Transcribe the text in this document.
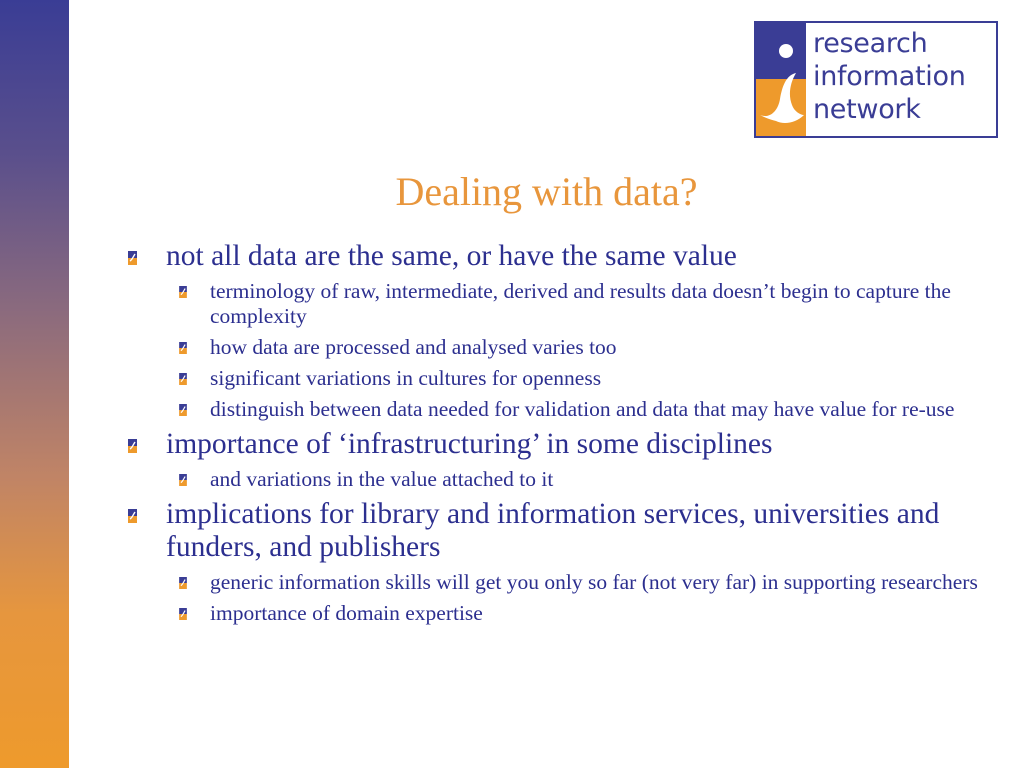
research
information
network
Dealing with data?
not all data are the same, or have the same value
terminology of raw, intermediate, derived and results data doesn’t begin to capture the complexity
how data are processed and analysed varies too
significant variations in cultures for openness
distinguish between data needed for validation and data that may have value for re-use
importance of ‘infrastructuring’ in some disciplines
and variations in the value attached to it
implications for library and information services, universities and funders, and publishers
generic information skills will get you only so far (not very far) in supporting researchers
importance of domain expertise
